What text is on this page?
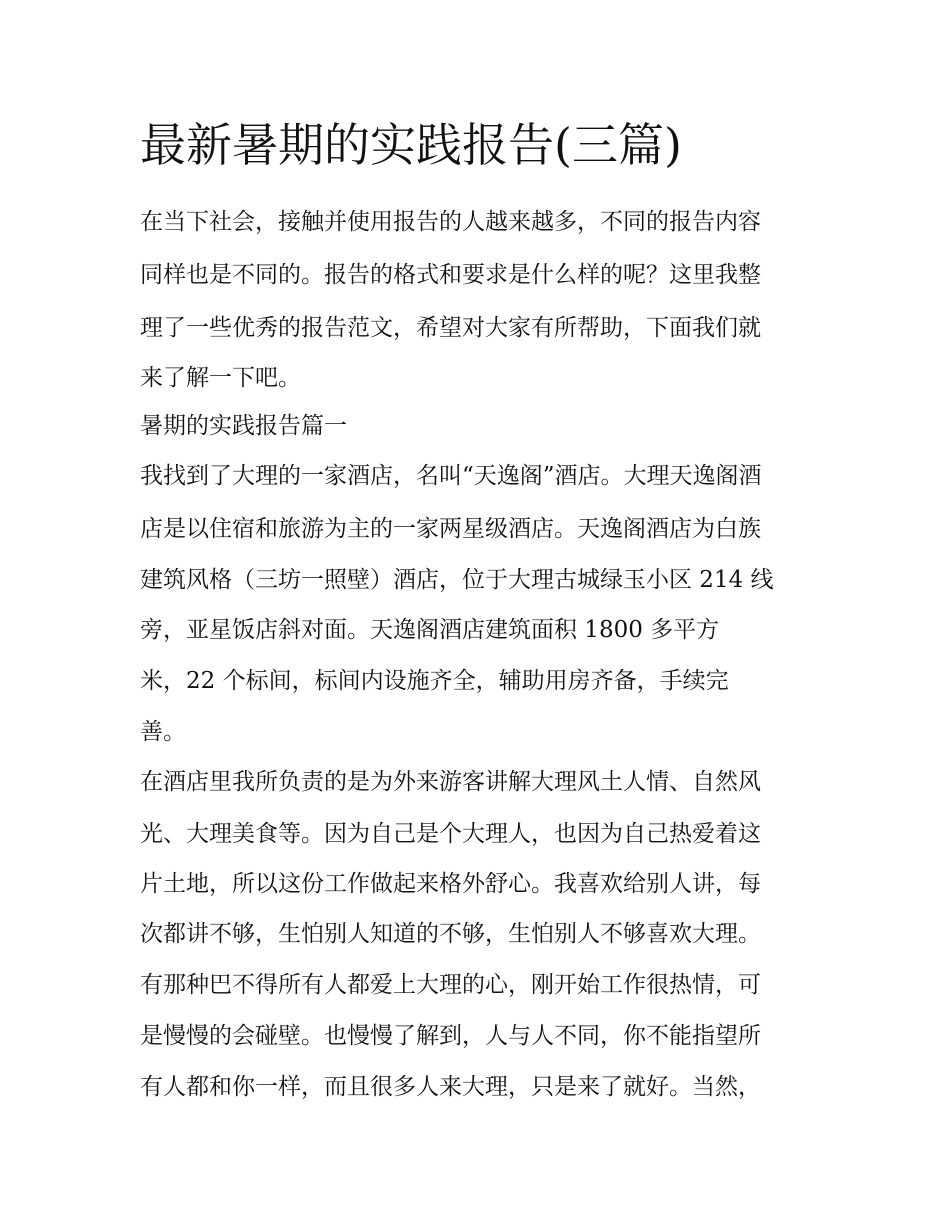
最新暑期的实践报告(三篇)

在当下社会，接触并使用报告的人越来越多，不同的报告内容

同样也是不同的。报告的格式和要求是什么样的呢？这里我整

理了一些优秀的报告范文，希望对大家有所帮助，下面我们就

来了解一下吧。

暑期的实践报告篇一

我找到了大理的一家酒店，名叫“天逸阁”酒店。大理天逸阁酒

店是以住宿和旅游为主的一家两星级酒店。天逸阁酒店为白族

建筑风格（三坊一照壁）酒店，位于大理古城绿玉小区 214 线

旁，亚星饭店斜对面。天逸阁酒店建筑面积 1800 多平方

米，22 个标间，标间内设施齐全，辅助用房齐备，手续完

善。

在酒店里我所负责的是为外来游客讲解大理风土人情、自然风

光、大理美食等。因为自己是个大理人，也因为自己热爱着这

片土地，所以这份工作做起来格外舒心。我喜欢给别人讲，每

次都讲不够，生怕别人知道的不够，生怕别人不够喜欢大理。

有那种巴不得所有人都爱上大理的心，刚开始工作很热情，可

是慢慢的会碰壁。也慢慢了解到，人与人不同，你不能指望所

有人都和你一样，而且很多人来大理，只是来了就好。当然，
